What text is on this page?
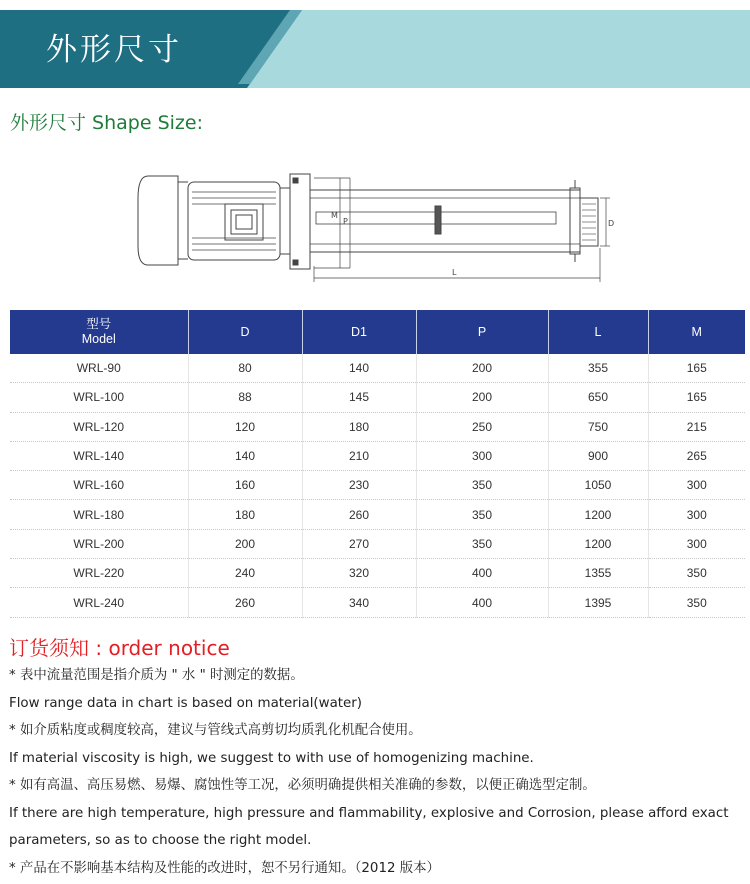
外形尺寸
外形尺寸 Shape Size:
M
P
L
D
型号
Model	D	D1	P	L	M
WRL-90	80	140	200	355	165
WRL-100	88	145	200	650	165
WRL-120	120	180	250	750	215
WRL-140	140	210	300	900	265
WRL-160	160	230	350	1050	300
WRL-180	180	260	350	1200	300
WRL-200	200	270	350	1200	300
WRL-220	240	320	400	1355	350
WRL-240	260	340	400	1395	350
订货须知 : order notice
* 表中流量范围是指介质为 " 水 " 时测定的数据。
Flow range data in chart is based on material(water)
* 如介质粘度或稠度较高，建议与管线式高剪切均质乳化机配合使用。
If material viscosity is high, we suggest to with use of homogenizing machine.
* 如有高温、高压易燃、易爆、腐蚀性等工况，必须明确提供相关准确的参数，以便正确选型定制。
If there are high temperature, high pressure and flammability, explosive and Corrosion, please afford exact
parameters, so as to choose the right model.
* 产品在不影响基本结构及性能的改进时，恕不另行通知。（2012 版本）
